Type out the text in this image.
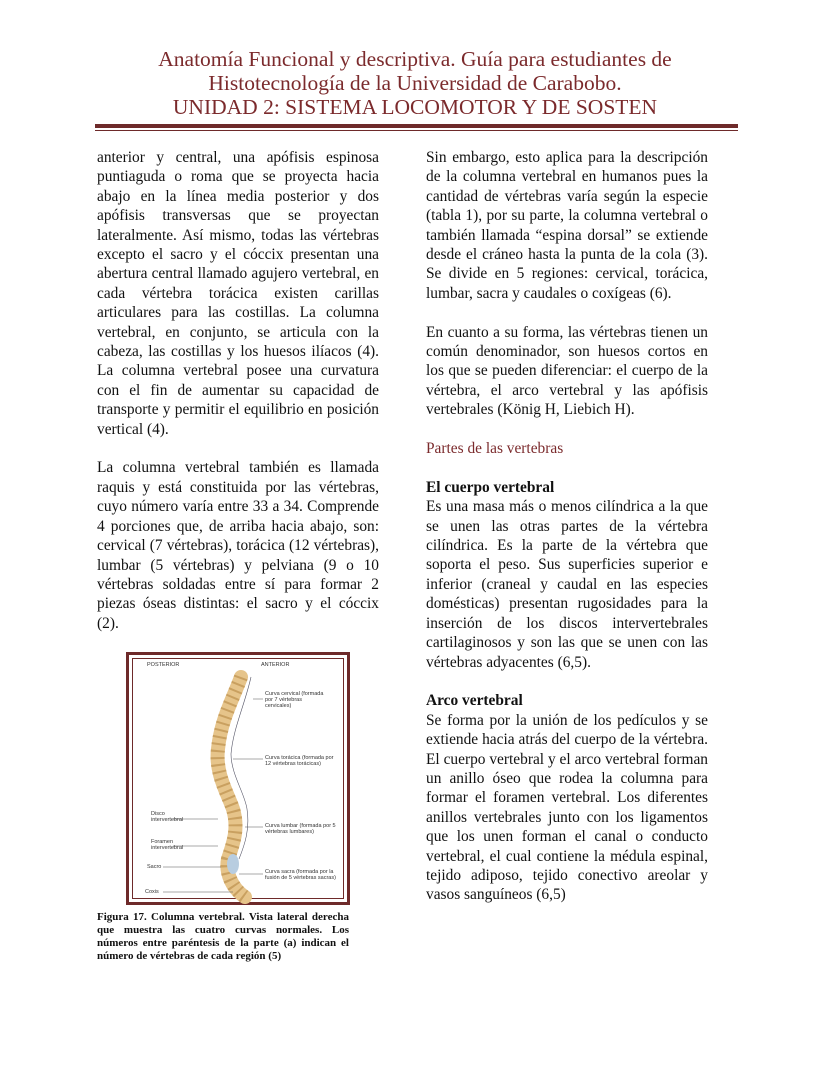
Anatomía Funcional y descriptiva. Guía para estudiantes de
Histotecnología de la Universidad de Carabobo.
UNIDAD 2: SISTEMA LOCOMOTOR Y DE SOSTEN

anterior y central, una apófisis espinosa puntiaguda o roma que se proyecta hacia abajo en la línea media posterior y dos apófisis transversas que se proyectan lateralmente. Así mismo, todas las vértebras excepto el sacro y el cóccix presentan una abertura central llamado agujero vertebral, en cada vértebra torácica existen carillas articulares para las costillas. La columna vertebral, en conjunto, se articula con la cabeza, las costillas y los huesos ilíacos (4). La columna vertebral posee una curvatura con el fin de aumentar su capacidad de transporte y permitir el equilibrio en posición vertical (4).

La columna vertebral también es llamada raquis y está constituida por las vértebras, cuyo número varía entre 33 a 34. Comprende 4 porciones que, de arriba hacia abajo, son: cervical (7 vértebras), torácica (12 vértebras), lumbar (5 vértebras) y pelviana (9 o 10 vértebras soldadas entre sí para formar 2 piezas óseas distintas: el sacro y el cóccix (2).

POSTERIOR	ANTERIOR
Curva cervical (formada por 7 vértebras cervicales)
Curva torácica (formada por 12 vértebras torácicas)
Curva lumbar (formada por 5 vértebras lumbares)
Curva sacra (formada por la fusión de 5 vértebras sacras)
Disco intervertebral
Foramen intervertebral
Sacro
Coxis
Figura 17. Columna vertebral. Vista lateral derecha que muestra las cuatro curvas normales. Los números entre paréntesis de la parte (a) indican el número de vértebras de cada región (5)

Sin embargo, esto aplica para la descripción de la columna vertebral en humanos pues la cantidad de vértebras varía según la especie (tabla 1), por su parte, la columna vertebral o también llamada “espina dorsal” se extiende desde el cráneo hasta la punta de la cola (3). Se divide en 5 regiones: cervical, torácica, lumbar, sacra y caudales o coxígeas (6).

En cuanto a su forma, las vértebras tienen un común denominador, son huesos cortos en los que se pueden diferenciar: el cuerpo de la vértebra, el arco vertebral y las apófisis vertebrales (König H, Liebich H).

Partes de las vertebras
El cuerpo vertebral

Es una masa más o menos cilíndrica a la que se unen las otras partes de la vértebra cilíndrica. Es la parte de la vértebra que soporta el peso. Sus superficies superior e inferior (craneal y caudal en las especies domésticas) presentan rugosidades para la inserción de los discos intervertebrales cartilaginosos y son las que se unen con las vértebras adyacentes (6,5).

Arco vertebral

Se forma por la unión de los pedículos y se extiende hacia atrás del cuerpo de la vértebra. El cuerpo vertebral y el arco vertebral forman un anillo óseo que rodea la columna para formar el foramen vertebral. Los diferentes anillos vertebrales junto con los ligamentos que los unen forman el canal o conducto vertebral, el cual contiene la médula espinal, tejido adiposo, tejido conectivo areolar y vasos sanguíneos (6,5)
